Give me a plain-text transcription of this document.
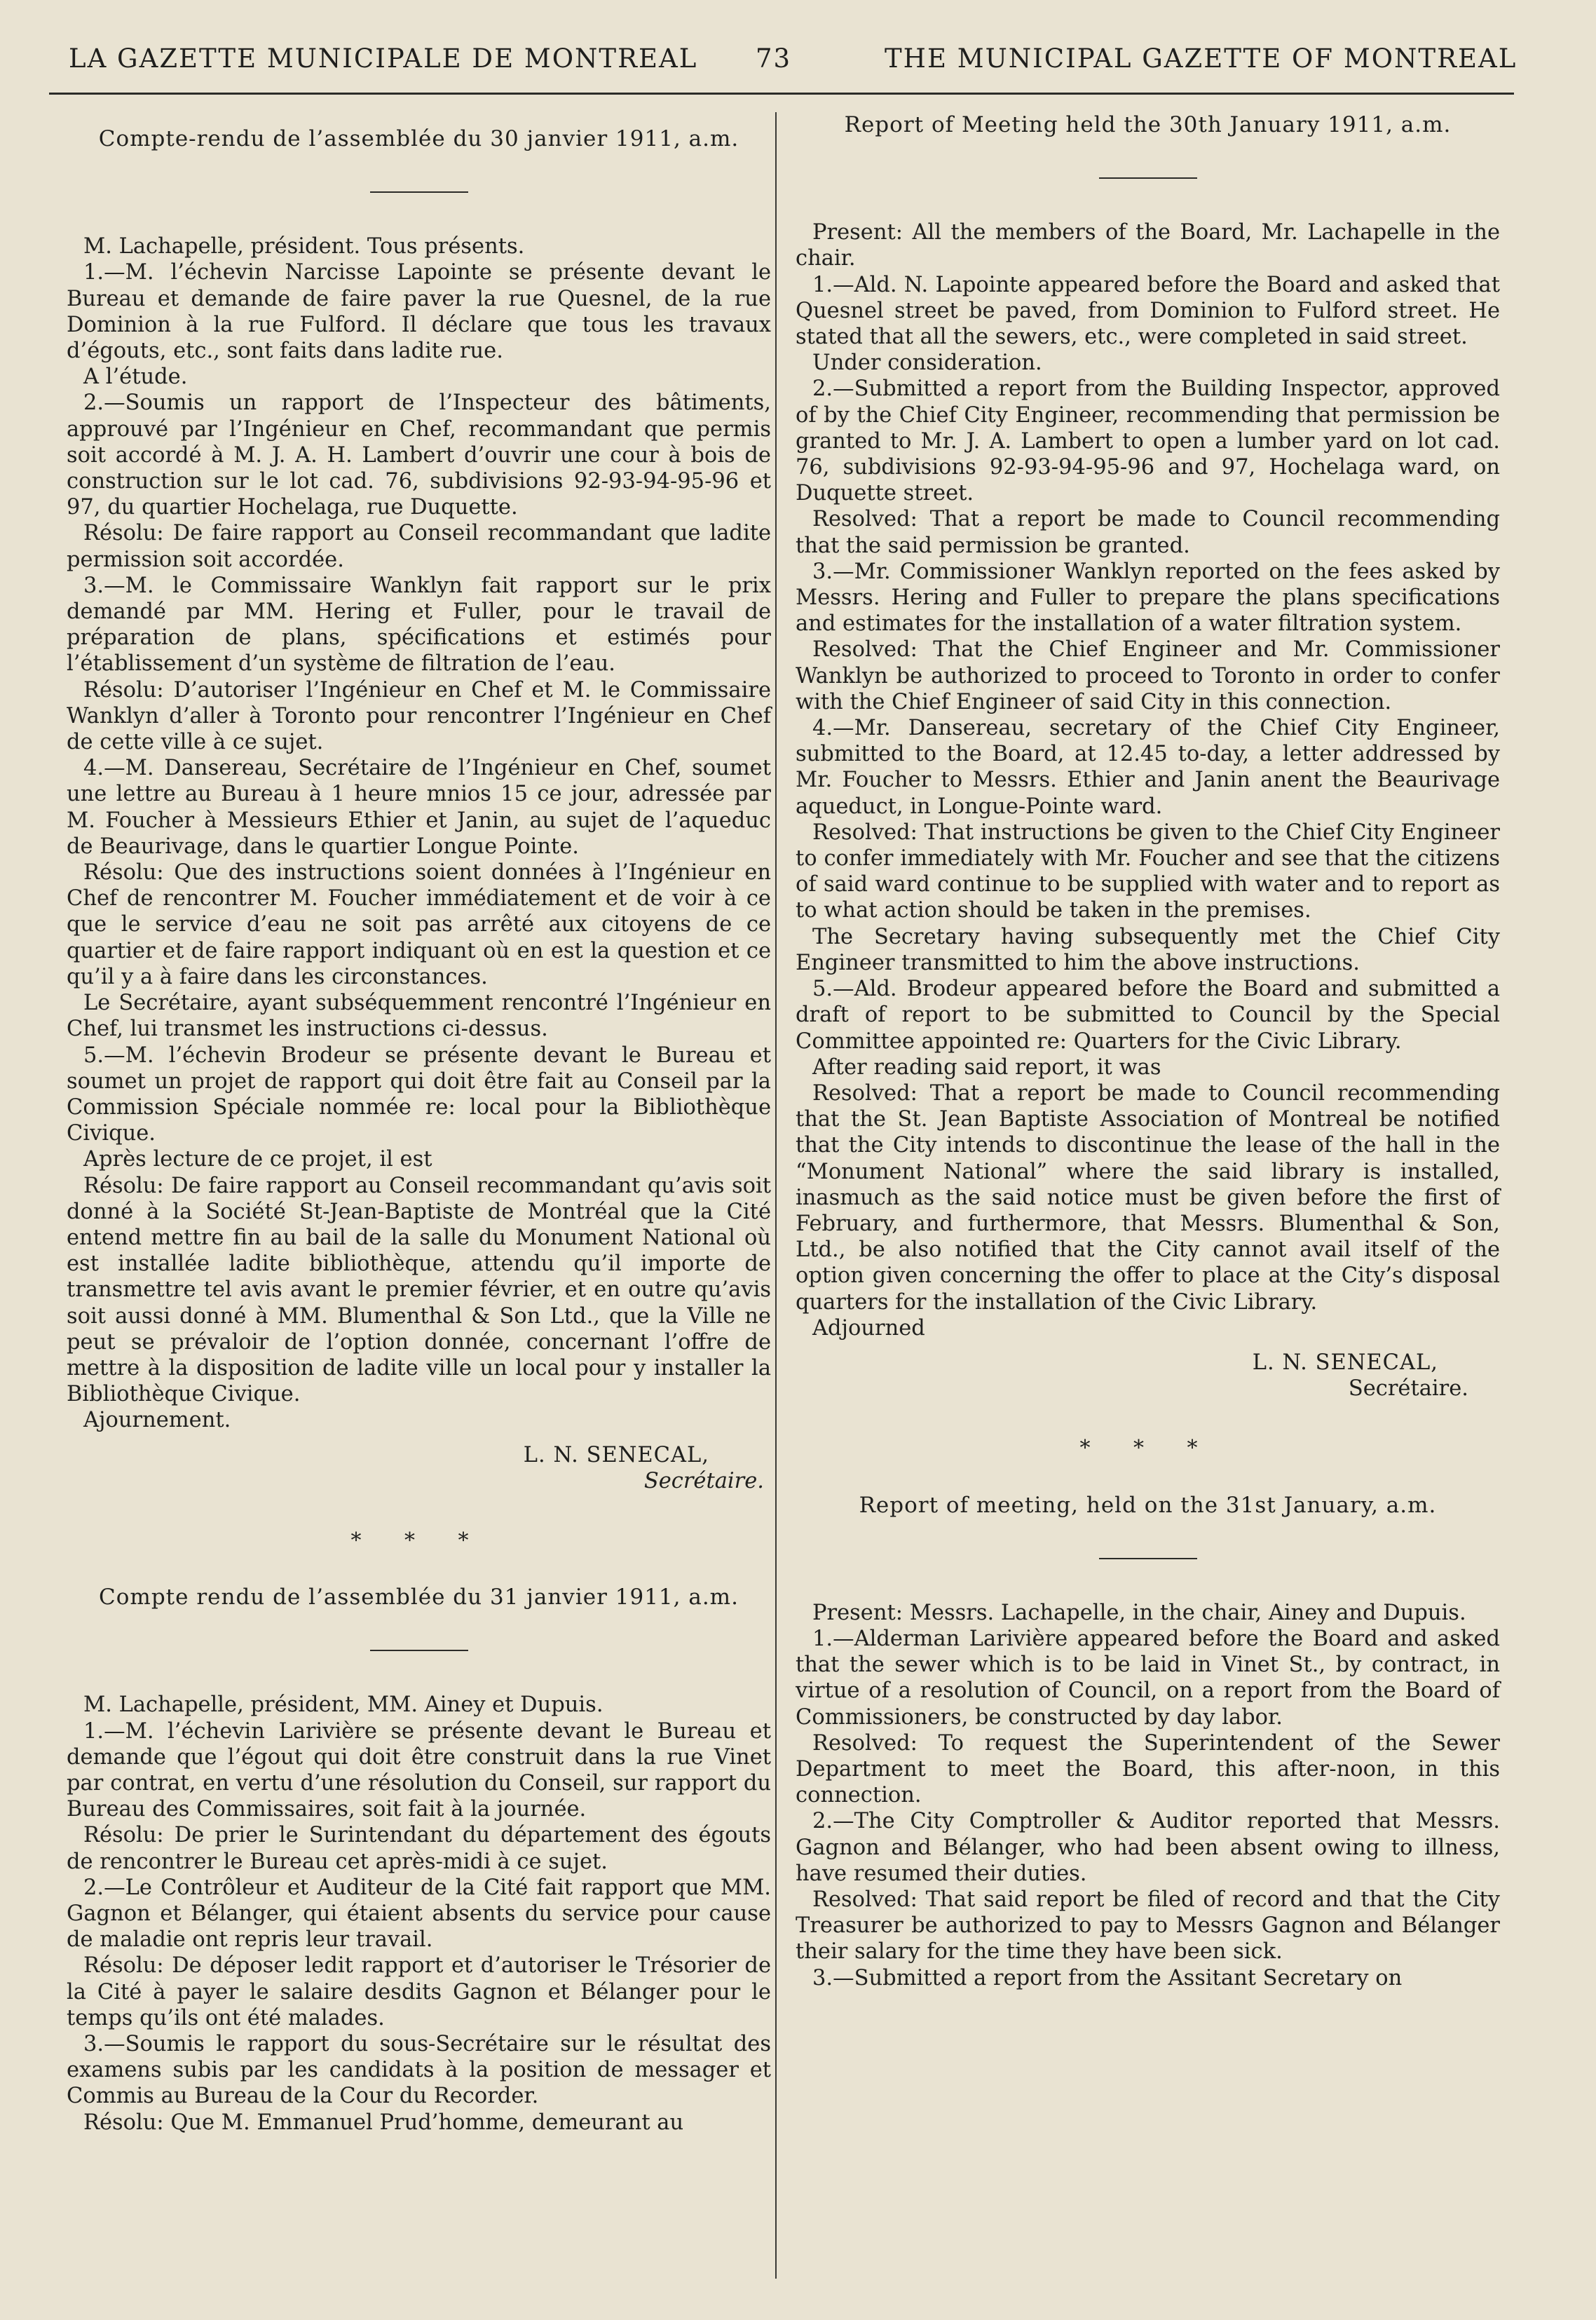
LA GAZETTE MUNICIPALE DE MONTREAL 73	THE MUNICIPAL GAZETTE OF MONTREAL
Compte-rendu de l’assemblée du 30 janvier 1911, a.m.

M. Lachapelle, président. Tous présents.

1.—M. l’échevin Narcisse Lapointe se présente devant le Bureau et demande de faire paver la rue Quesnel, de la rue Dominion à la rue Fulford. Il déclare que tous les travaux d’égouts, etc., sont faits dans ladite rue.

A l’étude.

2.—Soumis un rapport de l’Inspecteur des bâtiments, approuvé par l’Ingénieur en Chef, recommandant que permis soit accordé à M. J. A. H. Lambert d’ouvrir une cour à bois de construction sur le lot cad. 76, subdivisions 92-93-94-95-96 et 97, du quartier Hochelaga, rue Duquette.

Résolu: De faire rapport au Conseil recommandant que ladite permission soit accordée.

3.—M. le Commissaire Wanklyn fait rapport sur le prix demandé par MM. Hering et Fuller, pour le travail de préparation de plans, spécifications et estimés pour l’établissement d’un système de filtration de l’eau.

Résolu: D’autoriser l’Ingénieur en Chef et M. le Commissaire Wanklyn d’aller à Toronto pour rencontrer l’Ingénieur en Chef de cette ville à ce sujet.

4.—M. Dansereau, Secrétaire de l’Ingénieur en Chef, soumet une lettre au Bureau à 1 heure mnios 15 ce jour, adressée par M. Foucher à Messieurs Ethier et Janin, au sujet de l’aqueduc de Beaurivage, dans le quartier Longue Pointe.

Résolu: Que des instructions soient données à l’Ingénieur en Chef de rencontrer M. Foucher immédiatement et de voir à ce que le service d’eau ne soit pas arrêté aux citoyens de ce quartier et de faire rapport indiquant où en est la question et ce qu’il y a à faire dans les circonstances.

Le Secrétaire, ayant subséquemment rencontré l’Ingénieur en Chef, lui transmet les instructions ci-dessus.

5.—M. l’échevin Brodeur se présente devant le Bureau et soumet un projet de rapport qui doit être fait au Conseil par la Commission Spéciale nommée re: local pour la Bibliothèque Civique.

Après lecture de ce projet, il est

Résolu: De faire rapport au Conseil recommandant qu’avis soit donné à la Société St-Jean-Baptiste de Montréal que la Cité entend mettre fin au bail de la salle du Monument National où est installée ladite bibliothèque, attendu qu’il importe de transmettre tel avis avant le premier février, et en outre qu’avis soit aussi donné à MM. Blumenthal & Son Ltd., que la Ville ne peut se prévaloir de l’option donnée, concernant l’offre de mettre à la disposition de ladite ville un local pour y installer la Bibliothèque Civique.

Ajournement.

L. N. SENECAL,
Secrétaire.
* * *
Compte rendu de l’assemblée du 31 janvier 1911, a.m.

M. Lachapelle, président, MM. Ainey et Dupuis.

1.—M. l’échevin Larivière se présente devant le Bureau et demande que l’égout qui doit être construit dans la rue Vinet par contrat, en vertu d’une résolution du Conseil, sur rapport du Bureau des Commissaires, soit fait à la journée.

Résolu: De prier le Surintendant du département des égouts de rencontrer le Bureau cet après-midi à ce sujet.

2.—Le Contrôleur et Auditeur de la Cité fait rapport que MM. Gagnon et Bélanger, qui étaient absents du service pour cause de maladie ont repris leur travail.

Résolu: De déposer ledit rapport et d’autoriser le Trésorier de la Cité à payer le salaire desdits Gagnon et Bélanger pour le temps qu’ils ont été malades.

3.—Soumis le rapport du sous-Secrétaire sur le résultat des examens subis par les candidats à la position de messager et Commis au Bureau de la Cour du Recorder.

Résolu: Que M. Emmanuel Prud’homme, demeurant au

Report of Meeting held the 30th January 1911, a.m.

Present: All the members of the Board, Mr. Lachapelle in the chair.

1.—Ald. N. Lapointe appeared before the Board and asked that Quesnel street be paved, from Dominion to Fulford street. He stated that all the sewers, etc., were completed in said street.

Under consideration.

2.—Submitted a report from the Building Inspector, approved of by the Chief City Engineer, recommending that permission be granted to Mr. J. A. Lambert to open a lumber yard on lot cad. 76, subdivisions 92-93-94-95-96 and 97, Hochelaga ward, on Duquette street.

Resolved: That a report be made to Council recommending that the said permission be granted.

3.—Mr. Commissioner Wanklyn reported on the fees asked by Messrs. Hering and Fuller to prepare the plans specifications and estimates for the installation of a water filtration system.

Resolved: That the Chief Engineer and Mr. Commissioner Wanklyn be authorized to proceed to Toronto in order to confer with the Chief Engineer of said City in this connection.

4.—Mr. Dansereau, secretary of the Chief City Engineer, submitted to the Board, at 12.45 to-day, a letter addressed by Mr. Foucher to Messrs. Ethier and Janin anent the Beaurivage aqueduct, in Longue-Pointe ward.

Resolved: That instructions be given to the Chief City Engineer to confer immediately with Mr. Foucher and see that the citizens of said ward continue to be supplied with water and to report as to what action should be taken in the premises.

The Secretary having subsequently met the Chief City Engineer transmitted to him the above instructions.

5.—Ald. Brodeur appeared before the Board and submitted a draft of report to be submitted to Council by the Special Committee appointed re: Quarters for the Civic Library.

After reading said report, it was

Resolved: That a report be made to Council recommending that the St. Jean Baptiste Association of Montreal be notified that the City intends to discontinue the lease of the hall in the “Monument National” where the said library is installed, inasmuch as the said notice must be given before the first of February, and furthermore, that Messrs. Blumenthal & Son, Ltd., be also notified that the City cannot avail itself of the option given concerning the offer to place at the City’s disposal quarters for the installation of the Civic Library.

Adjourned

L. N. SENECAL,
Secrétaire.
* * *
Report of meeting, held on the 31st January, a.m.

Present: Messrs. Lachapelle, in the chair, Ainey and Dupuis.

1.—Alderman Larivière appeared before the Board and asked that the sewer which is to be laid in Vinet St., by contract, in virtue of a resolution of Council, on a report from the Board of Commissioners, be constructed by day labor.

Resolved: To request the Superintendent of the Sewer Department to meet the Board, this after-noon, in this connection.

2.—The City Comptroller & Auditor reported that Messrs. Gagnon and Bélanger, who had been absent owing to illness, have resumed their duties.

Resolved: That said report be filed of record and that the City Treasurer be authorized to pay to Messrs Gagnon and Bélanger their salary for the time they have been sick.

3.—Submitted a report from the Assitant Secretary on
